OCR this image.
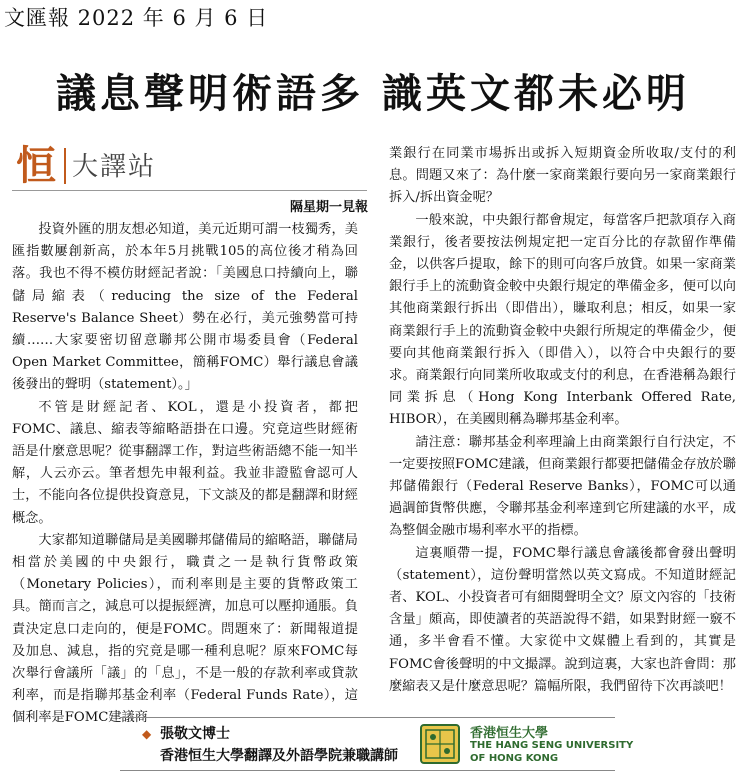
文匯報 2022 年 6 月 6 日
議息聲明術語多 識英文都未必明
恒 大譯站
隔星期一見報

投資外匯的朋友想必知道，美元近期可謂一枝獨秀，美匯指數屢創新高，於本年5月挑戰105的高位後才稍為回落。我也不得不模仿財經記者說：「美國息口持續向上，聯儲局縮表（reducing the size of the Federal Reserve's Balance Sheet）勢在必行，美元強勢當可持續……大家要密切留意聯邦公開市場委員會（Federal Open Market Committee，簡稱FOMC）舉行議息會議後發出的聲明（statement）。」

不管是財經記者、KOL，還是小投資者，都把FOMC、議息、縮表等縮略語掛在口邊。究竟這些財經術語是什麼意思呢？從事翻譯工作，對這些術語總不能一知半解，人云亦云。筆者想先申報利益。我並非證監會認可人士，不能向各位提供投資意見，下文談及的都是翻譯和財經概念。

大家都知道聯儲局是美國聯邦儲備局的縮略語，聯儲局相當於美國的中央銀行，職責之一是執行貨幣政策（Monetary Policies），而利率則是主要的貨幣政策工具。簡而言之，減息可以提振經濟，加息可以壓抑通脹。負責決定息口走向的，便是FOMC。問題來了：新聞報道提及加息、減息，指的究竟是哪一種利息呢？原來FOMC每次舉行會議所「議」的「息」，不是一般的存款利率或貸款利率，而是指聯邦基金利率（Federal Funds Rate），這個利率是FOMC建議商

業銀行在同業市場拆出或拆入短期資金所收取/支付的利息。問題又來了：為什麼一家商業銀行要向另一家商業銀行拆入/拆出資金呢？

一般來說，中央銀行都會規定，每當客戶把款項存入商業銀行，後者要按法例規定把一定百分比的存款留作準備金，以供客戶提取，餘下的則可向客戶放貸。如果一家商業銀行手上的流動資金較中央銀行規定的準備金多，便可以向其他商業銀行拆出（即借出），賺取利息；相反，如果一家商業銀行手上的流動資金較中央銀行所規定的準備金少，便要向其他商業銀行拆入（即借入），以符合中央銀行的要求。商業銀行向同業所收取或支付的利息，在香港稱為銀行同業拆息（Hong Kong Interbank Offered Rate, HIBOR），在美國則稱為聯邦基金利率。

請注意：聯邦基金利率理論上由商業銀行自行決定，不一定要按照FOMC建議，但商業銀行都要把儲備金存放於聯邦儲備銀行（Federal Reserve Banks），FOMC可以通過調節貨幣供應，令聯邦基金利率達到它所建議的水平，成為整個金融市場利率水平的指標。

這裏順帶一提，FOMC舉行議息會議後都會發出聲明（statement），這份聲明當然以英文寫成。不知道財經記者、KOL、小投資者可有細閱聲明全文？原文內容的「技術含量」頗高，即使讀者的英語說得不錯，如果對財經一竅不通，多半會看不懂。大家從中文媒體上看到的，其實是FOMC會後聲明的中文撮譯。說到這裏，大家也許會問：那麼縮表又是什麼意思呢？篇幅所限，我們留待下次再談吧！

◆ 張敬文博士
香港恒生大學翻譯及外語學院兼職講師
香港恒生大學
THE HANG SENG UNIVERSITY
OF HONG KONG
